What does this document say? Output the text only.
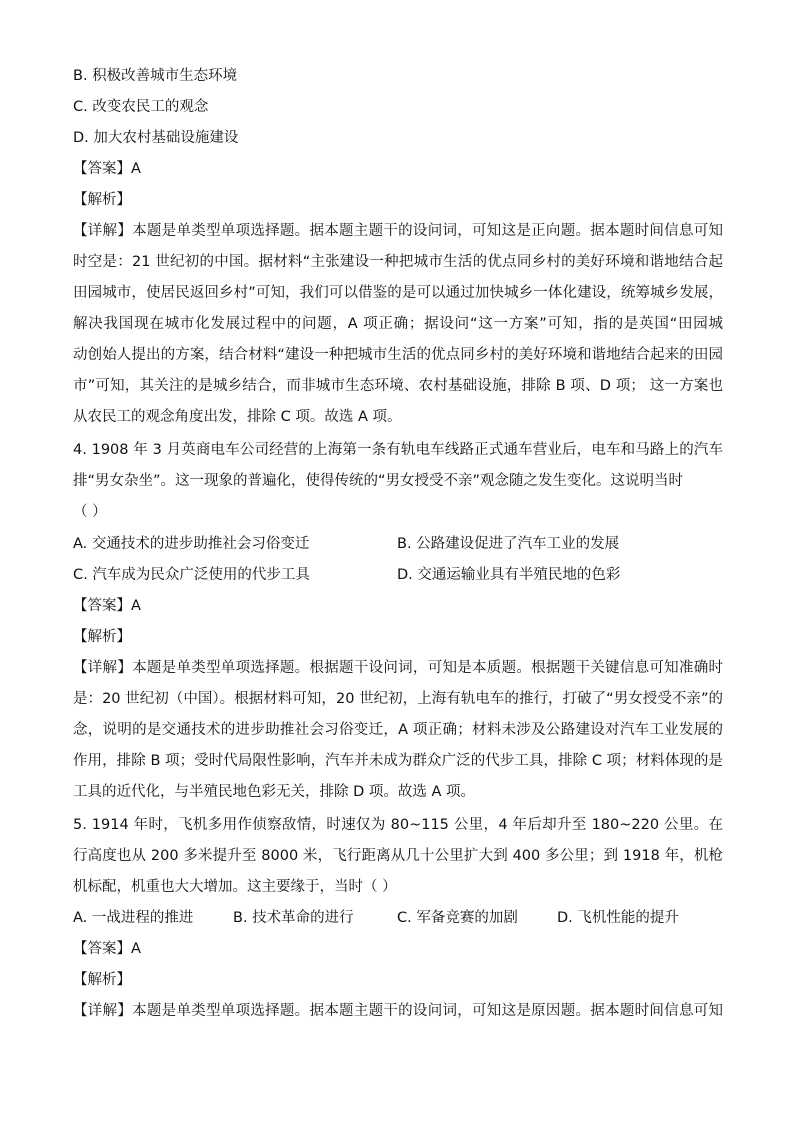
B. 积极改善城市生态环境
C. 改变农民工的观念
D. 加大农村基础设施建设
【答案】A
【解析】
【详解】本题是单类型单项选择题。据本题主题干的设问词，可知这是正向题。据本题时间信息可知
时空是：21 世纪初的中国。据材料“主张建设一种把城市生活的优点同乡村的美好环境和谐地结合起
田园城市，使居民返回乡村”可知，我们可以借鉴的是可以通过加快城乡一体化建设，统筹城乡发展，
解决我国现在城市化发展过程中的问题，A 项正确；据设问“这一方案”可知，指的是英国“田园城
动创始人提出的方案，结合材料“建设一种把城市生活的优点同乡村的美好环境和谐地结合起来的田园
市”可知，其关注的是城乡结合，而非城市生态环境、农村基础设施，排除 B 项、D 项； 这一方案也
从农民工的观念角度出发，排除 C 项。故选 A 项。
4. 1908 年 3 月英商电车公司经营的上海第一条有轨电车线路正式通车营业后，电车和马路上的汽车
排“男女杂坐”。这一现象的普遍化，使得传统的“男女授受不亲”观念随之发生变化。这说明当时
（ ）
A. 交通技术的进步助推社会习俗变迁	B. 公路建设促进了汽车工业的发展
C. 汽车成为民众广泛使用的代步工具	D. 交通运输业具有半殖民地的色彩
【答案】A
【解析】
【详解】本题是单类型单项选择题。根据题干设问词，可知是本质题。根据题干关键信息可知准确时
是：20 世纪初（中国）。根据材料可知，20 世纪初，上海有轨电车的推行，打破了“男女授受不亲”的
念，说明的是交通技术的进步助推社会习俗变迁，A 项正确；材料未涉及公路建设对汽车工业发展的
作用，排除 B 项；受时代局限性影响，汽车并未成为群众广泛的代步工具，排除 C 项；材料体现的是
工具的近代化，与半殖民地色彩无关，排除 D 项。故选 A 项。
5. 1914 年时，飞机多用作侦察敌情，时速仅为 80~115 公里，4 年后却升至 180~220 公里。在
行高度也从 200 多米提升至 8000 米，飞行距离从几十公里扩大到 400 多公里；到 1918 年，机枪
机标配，机重也大大增加。这主要缘于，当时（ ）
A. 一战进程的推进	B. 技术革命的进行	C. 军备竞赛的加剧	D. 飞机性能的提升
【答案】A
【解析】
【详解】本题是单类型单项选择题。据本题主题干的设问词，可知这是原因题。据本题时间信息可知
